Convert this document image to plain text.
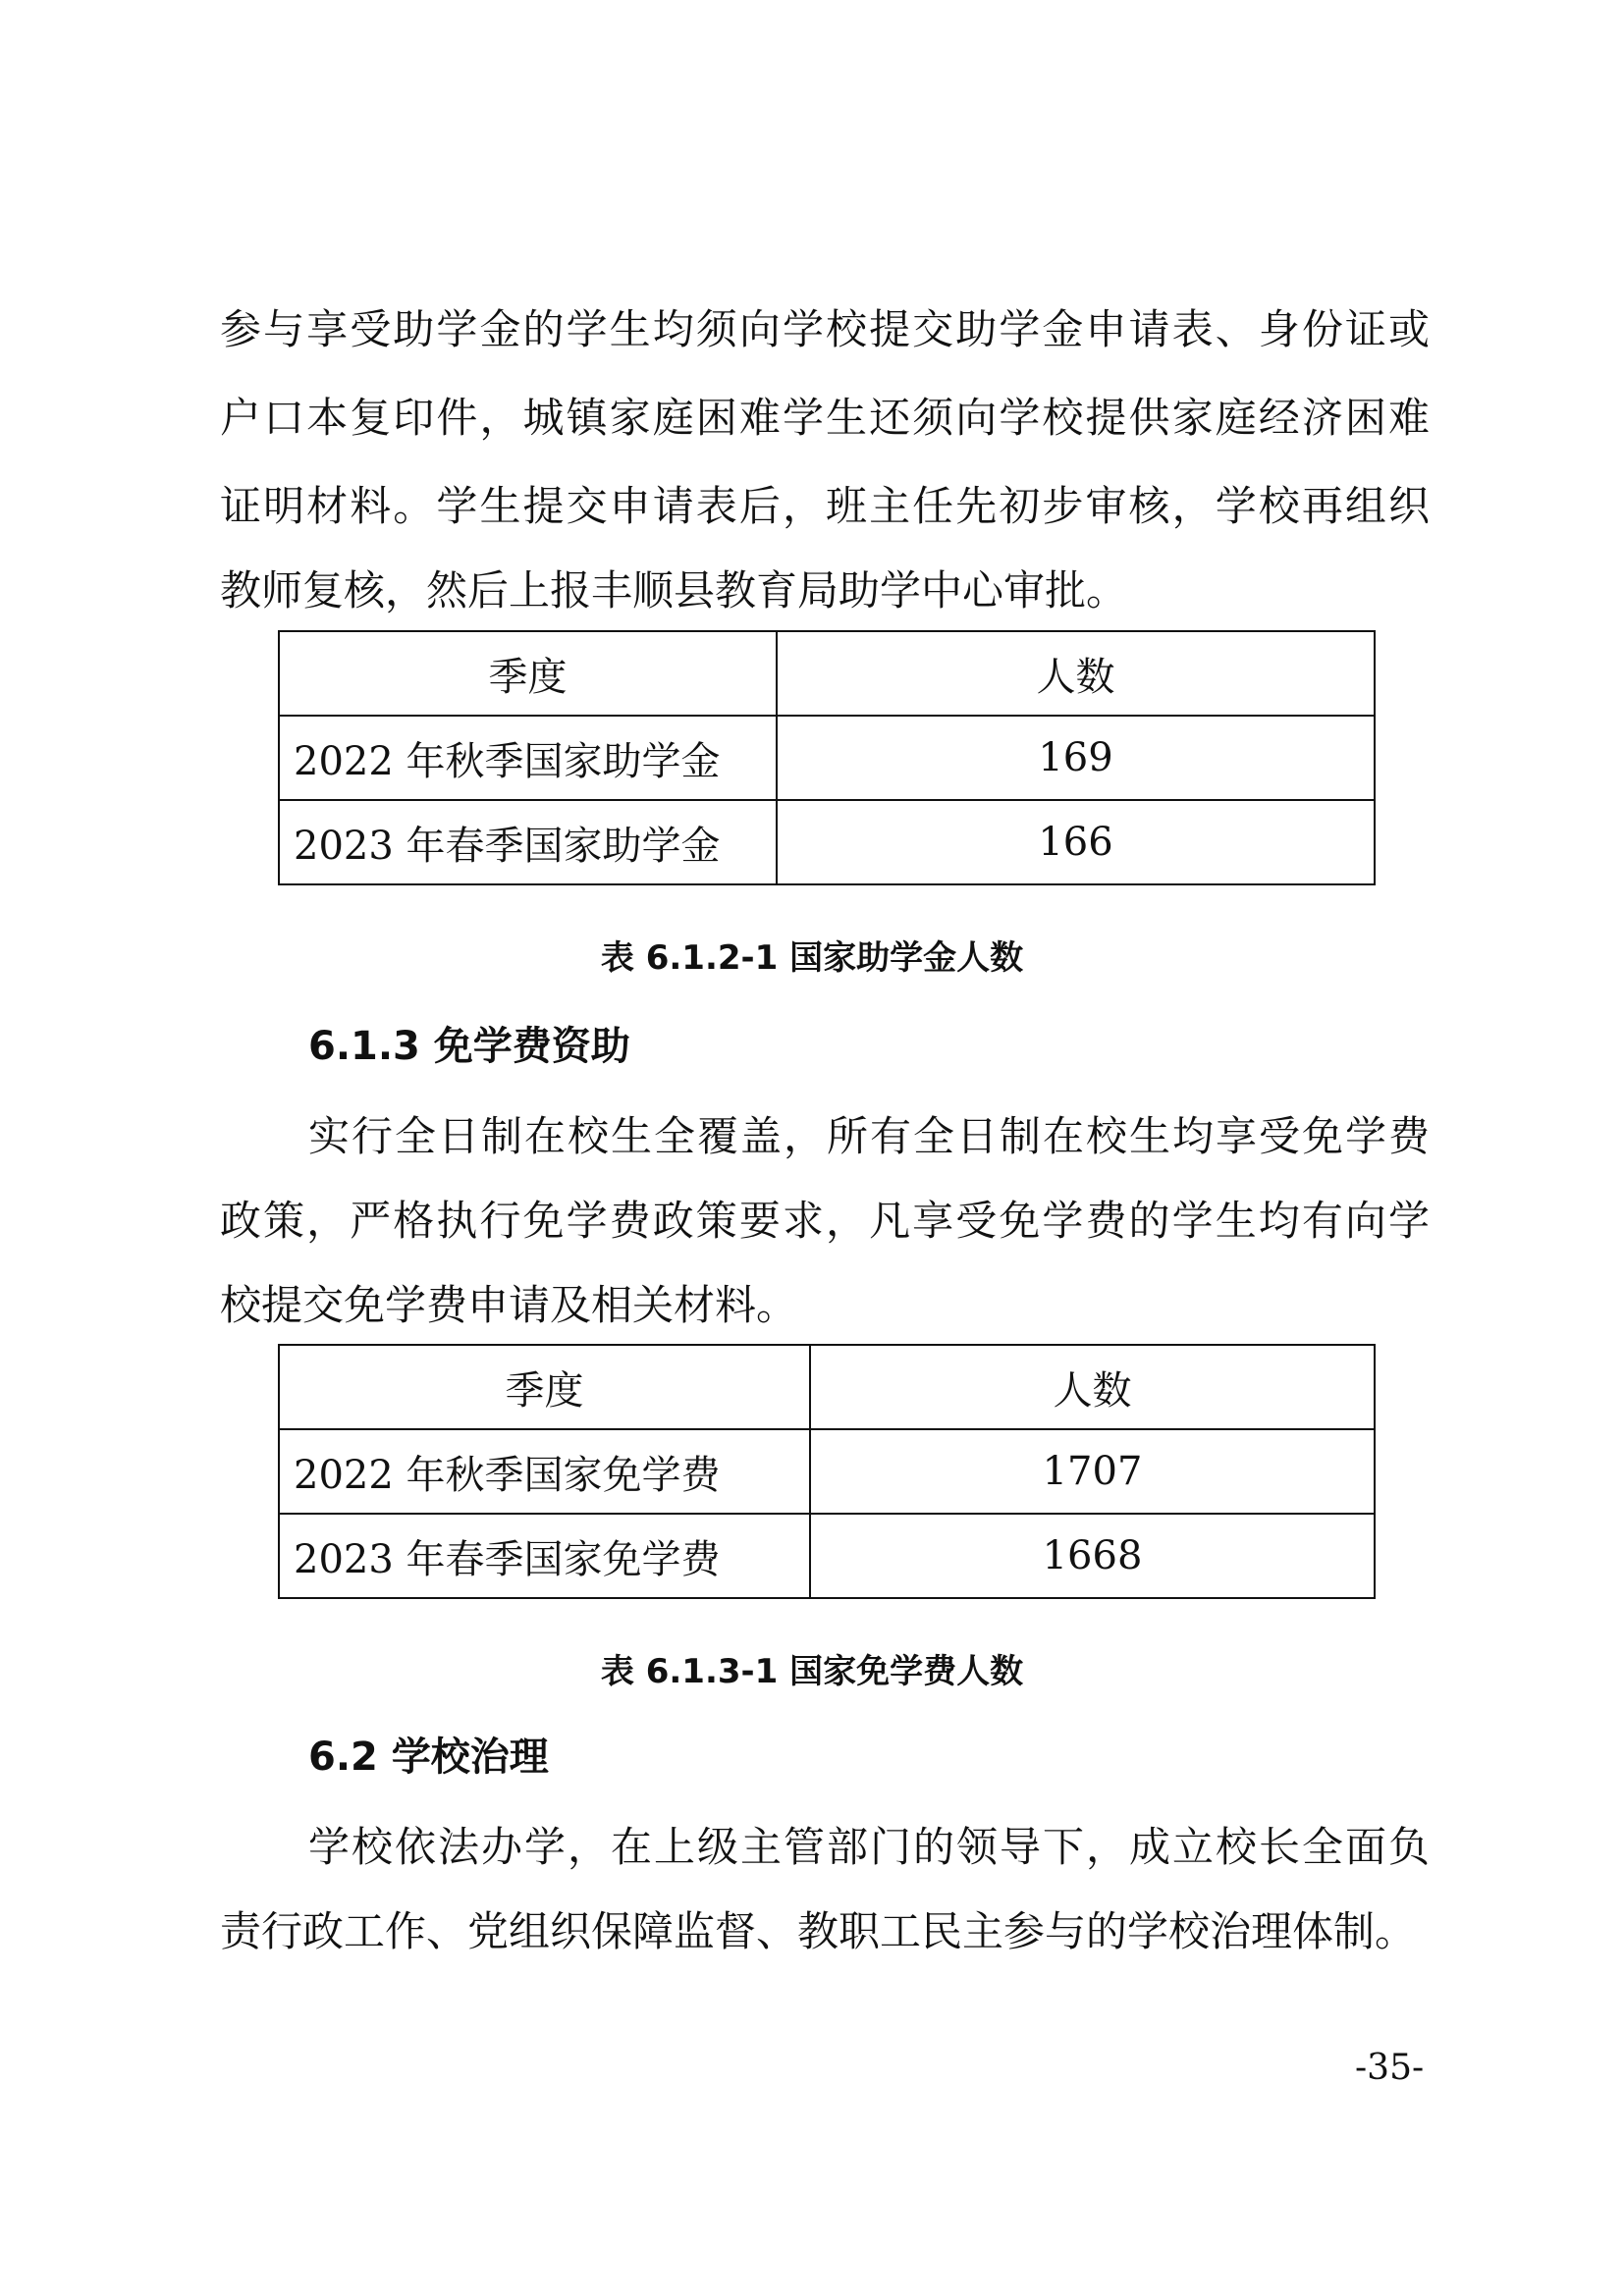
参与享受助学金的学生均须向学校提交助学金申请表、身份证或
户口本复印件，城镇家庭困难学生还须向学校提供家庭经济困难
证明材料。学生提交申请表后，班主任先初步审核，学校再组织
教师复核，然后上报丰顺县教育局助学中心审批。
季度	人数
2022 年秋季国家助学金	169
2023 年春季国家助学金	166
表 6.1.2-1 国家助学金人数
6.1.3 免学费资助
实行全日制在校生全覆盖，所有全日制在校生均享受免学费
政策，严格执行免学费政策要求，凡享受免学费的学生均有向学
校提交免学费申请及相关材料。
季度	人数
2022 年秋季国家免学费	1707
2023 年春季国家免学费	1668
表 6.1.3-1 国家免学费人数
6.2 学校治理
学校依法办学，在上级主管部门的领导下，成立校长全面负
责行政工作、党组织保障监督、教职工民主参与的学校治理体制。
-35-
